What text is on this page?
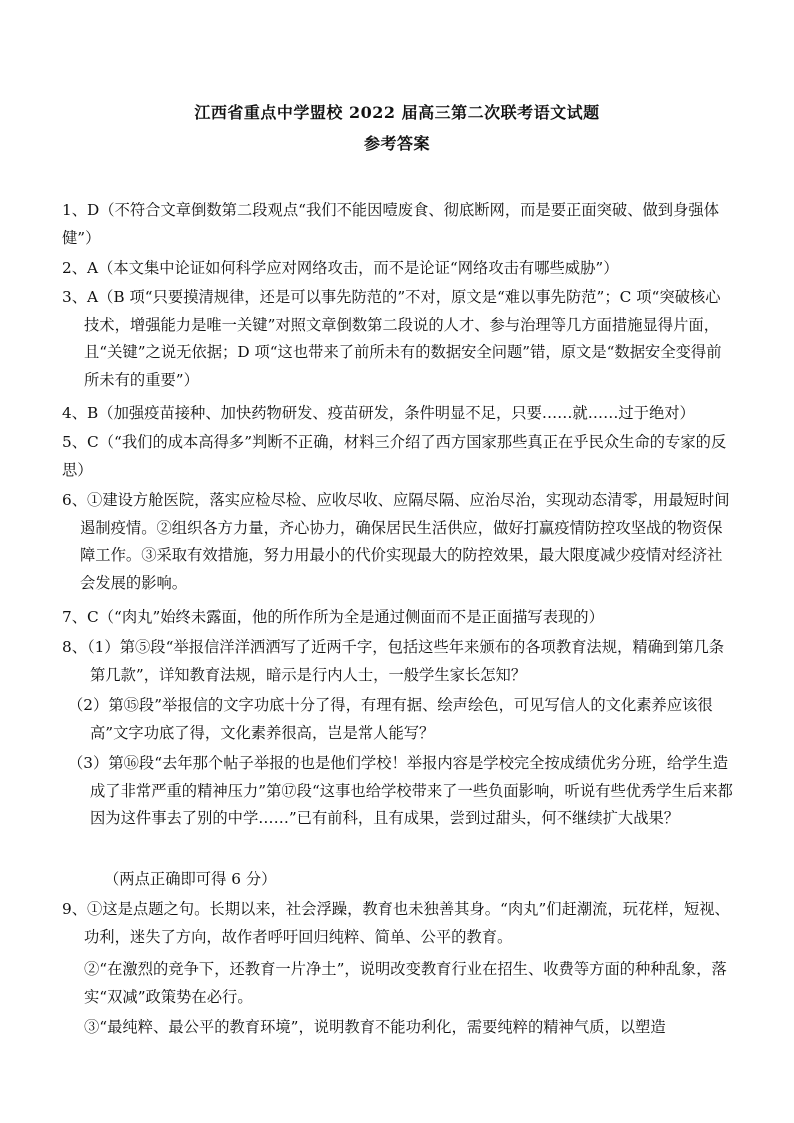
江西省重点中学盟校 2022 届高三第二次联考语文试题
参考答案
1、D（不符合文章倒数第二段观点“我们不能因噎废食、彻底断网，而是要正面突破、做到身强体健”）
2、A（本文集中论证如何科学应对网络攻击，而不是论证“网络攻击有哪些威胁”）
3、A（B 项“只要摸清规律，还是可以事先防范的”不对，原文是“难以事先防范”；C 项“突破核心技术，增强能力是唯一关键”对照文章倒数第二段说的人才、参与治理等几方面措施显得片面，且“关键”之说无依据；D 项“这也带来了前所未有的数据安全问题”错，原文是“数据安全变得前所未有的重要”）
4、B（加强疫苗接种、加快药物研发、疫苗研发，条件明显不足，只要……就……过于绝对）
5、C（“我们的成本高得多”判断不正确，材料三介绍了西方国家那些真正在乎民众生命的专家的反思）
6、①建设方舱医院，落实应检尽检、应收尽收、应隔尽隔、应治尽治，实现动态清零，用最短时间遏制疫情。②组织各方力量，齐心协力，确保居民生活供应，做好打赢疫情防控攻坚战的物资保障工作。③采取有效措施，努力用最小的代价实现最大的防控效果，最大限度减少疫情对经济社会发展的影响。
7、C（“肉丸”始终未露面，他的所作所为全是通过侧面而不是正面描写表现的）
8、（1）第⑤段“举报信洋洋洒洒写了近两千字，包括这些年来颁布的各项教育法规，精确到第几条第几款”，详知教育法规，暗示是行内人士，一般学生家长怎知？
（2）第⑮段”举报信的文字功底十分了得，有理有据、绘声绘色，可见写信人的文化素养应该很高”文字功底了得，文化素养很高，岂是常人能写？
（3）第⑯段“去年那个帖子举报的也是他们学校！举报内容是学校完全按成绩优劣分班，给学生造成了非常严重的精神压力”第⑰段“这事也给学校带来了一些负面影响，听说有些优秀学生后来都因为这件事去了别的中学……”已有前科，且有成果，尝到过甜头，何不继续扩大战果？
（两点正确即可得 6 分）
9、①这是点题之句。长期以来，社会浮躁，教育也未独善其身。“肉丸”们赶潮流，玩花样，短视、功利，迷失了方向，故作者呼吁回归纯粹、简单、公平的教育。
②“在激烈的竞争下，还教育一片净土”，说明改变教育行业在招生、收费等方面的种种乱象，落实“双减”政策势在必行。
③“最纯粹、最公平的教育环境”，说明教育不能功利化，需要纯粹的精神气质，以塑造
